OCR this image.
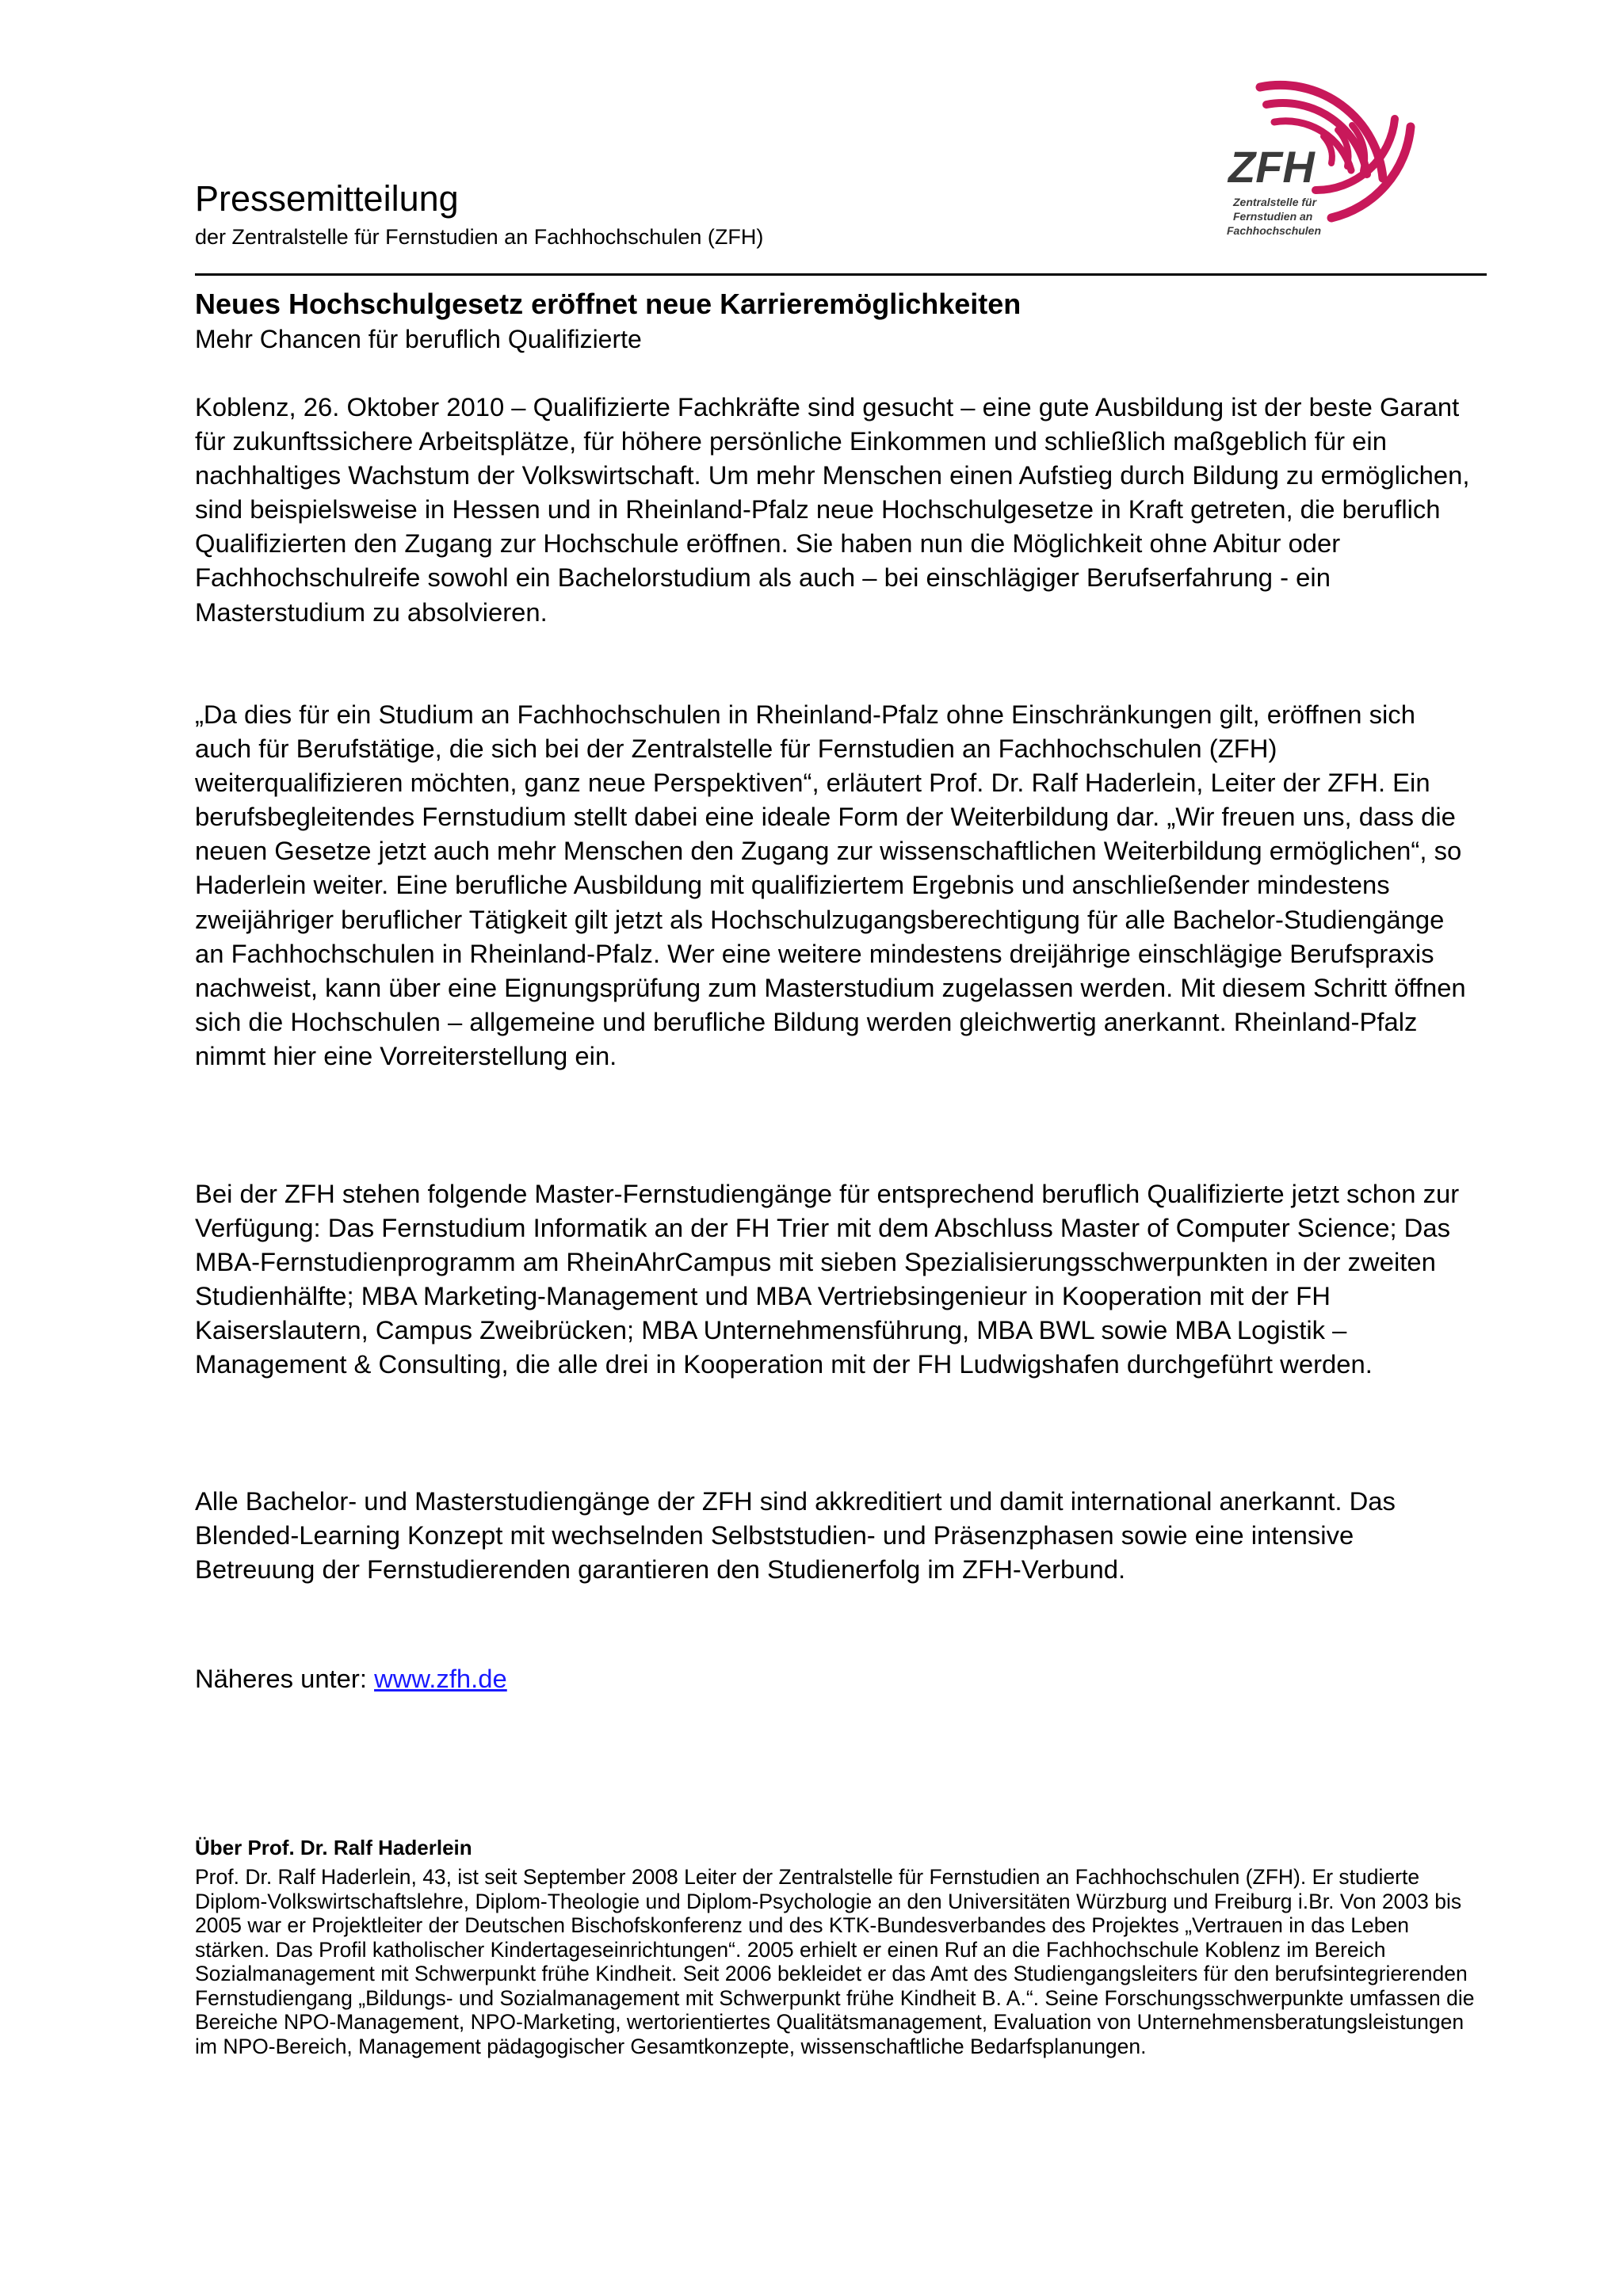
Pressemitteilung
der Zentralstelle für Fernstudien an Fachhochschulen (ZFH)
ZFH
Zentralstelle für
Fernstudien an
Fachhochschulen
Neues Hochschulgesetz eröffnet neue Karrieremöglichkeiten
Mehr Chancen für beruflich Qualifizierte

Koblenz, 26. Oktober 2010 – Qualifizierte Fachkräfte sind gesucht – eine gute Ausbildung ist der beste Garant für zukunftssichere Arbeitsplätze, für höhere persönliche Einkommen und schließlich maßgeblich für ein nachhaltiges Wachstum der Volkswirtschaft. Um mehr Menschen einen Aufstieg durch Bildung zu ermöglichen, sind beispielsweise in Hessen und in Rheinland-Pfalz neue Hochschulgesetze in Kraft getreten, die beruflich Qualifizierten den Zugang zur Hochschule eröffnen. Sie haben nun die Möglichkeit ohne Abitur oder Fachhochschulreife sowohl ein Bachelorstudium als auch – bei einschlägiger Berufserfahrung - ein Masterstudium zu absolvieren.

„Da dies für ein Studium an Fachhochschulen in Rheinland-Pfalz ohne Einschränkungen gilt, eröffnen sich auch für Berufstätige, die sich bei der Zentralstelle für Fernstudien an Fachhochschulen (ZFH) weiterqualifizieren möchten, ganz neue Perspektiven“, erläutert Prof. Dr. Ralf Haderlein, Leiter der ZFH. Ein berufsbegleitendes Fernstudium stellt dabei eine ideale Form der Weiterbildung dar. „Wir freuen uns, dass die neuen Gesetze jetzt auch mehr Menschen den Zugang zur wissenschaftlichen Weiterbildung ermöglichen“, so Haderlein weiter. Eine berufliche Ausbildung mit qualifiziertem Ergebnis und anschließender mindestens zweijähriger beruflicher Tätigkeit gilt jetzt als Hochschulzugangsberechtigung für alle Bachelor-Studiengänge an Fachhochschulen in Rheinland-Pfalz. Wer eine weitere mindestens dreijährige einschlägige Berufspraxis nachweist, kann über eine Eignungsprüfung zum Masterstudium zugelassen werden. Mit diesem Schritt öffnen sich die Hochschulen – allgemeine und berufliche Bildung werden gleichwertig anerkannt. Rheinland-Pfalz nimmt hier eine Vorreiterstellung ein.

Bei der ZFH stehen folgende Master-Fernstudiengänge für entsprechend beruflich Qualifizierte jetzt schon zur Verfügung: Das Fernstudium Informatik an der FH Trier mit dem Abschluss Master of Computer Science; Das MBA-Fernstudienprogramm am RheinAhrCampus mit sieben Spezialisierungsschwerpunkten in der zweiten Studienhälfte; MBA Marketing-Management und MBA Vertriebsingenieur in Kooperation mit der FH Kaiserslautern, Campus Zweibrücken; MBA Unternehmensführung, MBA BWL sowie MBA Logistik – Management & Consulting, die alle drei in Kooperation mit der FH Ludwigshafen durchgeführt werden.

Alle Bachelor- und Masterstudiengänge der ZFH sind akkreditiert und damit international anerkannt. Das Blended-Learning Konzept mit wechselnden Selbststudien- und Präsenzphasen sowie eine intensive Betreuung der Fernstudierenden garantieren den Studienerfolg im ZFH-Verbund.

Näheres unter: www.zfh.de

Über Prof. Dr. Ralf Haderlein

Prof. Dr. Ralf Haderlein, 43, ist seit September 2008 Leiter der Zentralstelle für Fernstudien an Fachhochschulen (ZFH). Er studierte Diplom-Volkswirtschaftslehre, Diplom-Theologie und Diplom-Psychologie an den Universitäten Würzburg und Freiburg i.Br. Von 2003 bis 2005 war er Projektleiter der Deutschen Bischofskonferenz und des KTK-Bundesverbandes des Projektes „Vertrauen in das Leben stärken. Das Profil katholischer Kindertageseinrichtungen“. 2005 erhielt er einen Ruf an die Fachhochschule Koblenz im Bereich Sozialmanagement mit Schwerpunkt frühe Kindheit. Seit 2006 bekleidet er das Amt des Studiengangsleiters für den berufsintegrierenden Fernstudiengang „Bildungs- und Sozialmanagement mit Schwerpunkt frühe Kindheit B. A.“. Seine Forschungsschwerpunkte umfassen die Bereiche NPO-Management, NPO-Marketing, wertorientiertes Qualitätsmanagement, Evaluation von Unternehmensberatungsleistungen im NPO-Bereich, Management pädagogischer Gesamtkonzepte, wissenschaftliche Bedarfsplanungen.
